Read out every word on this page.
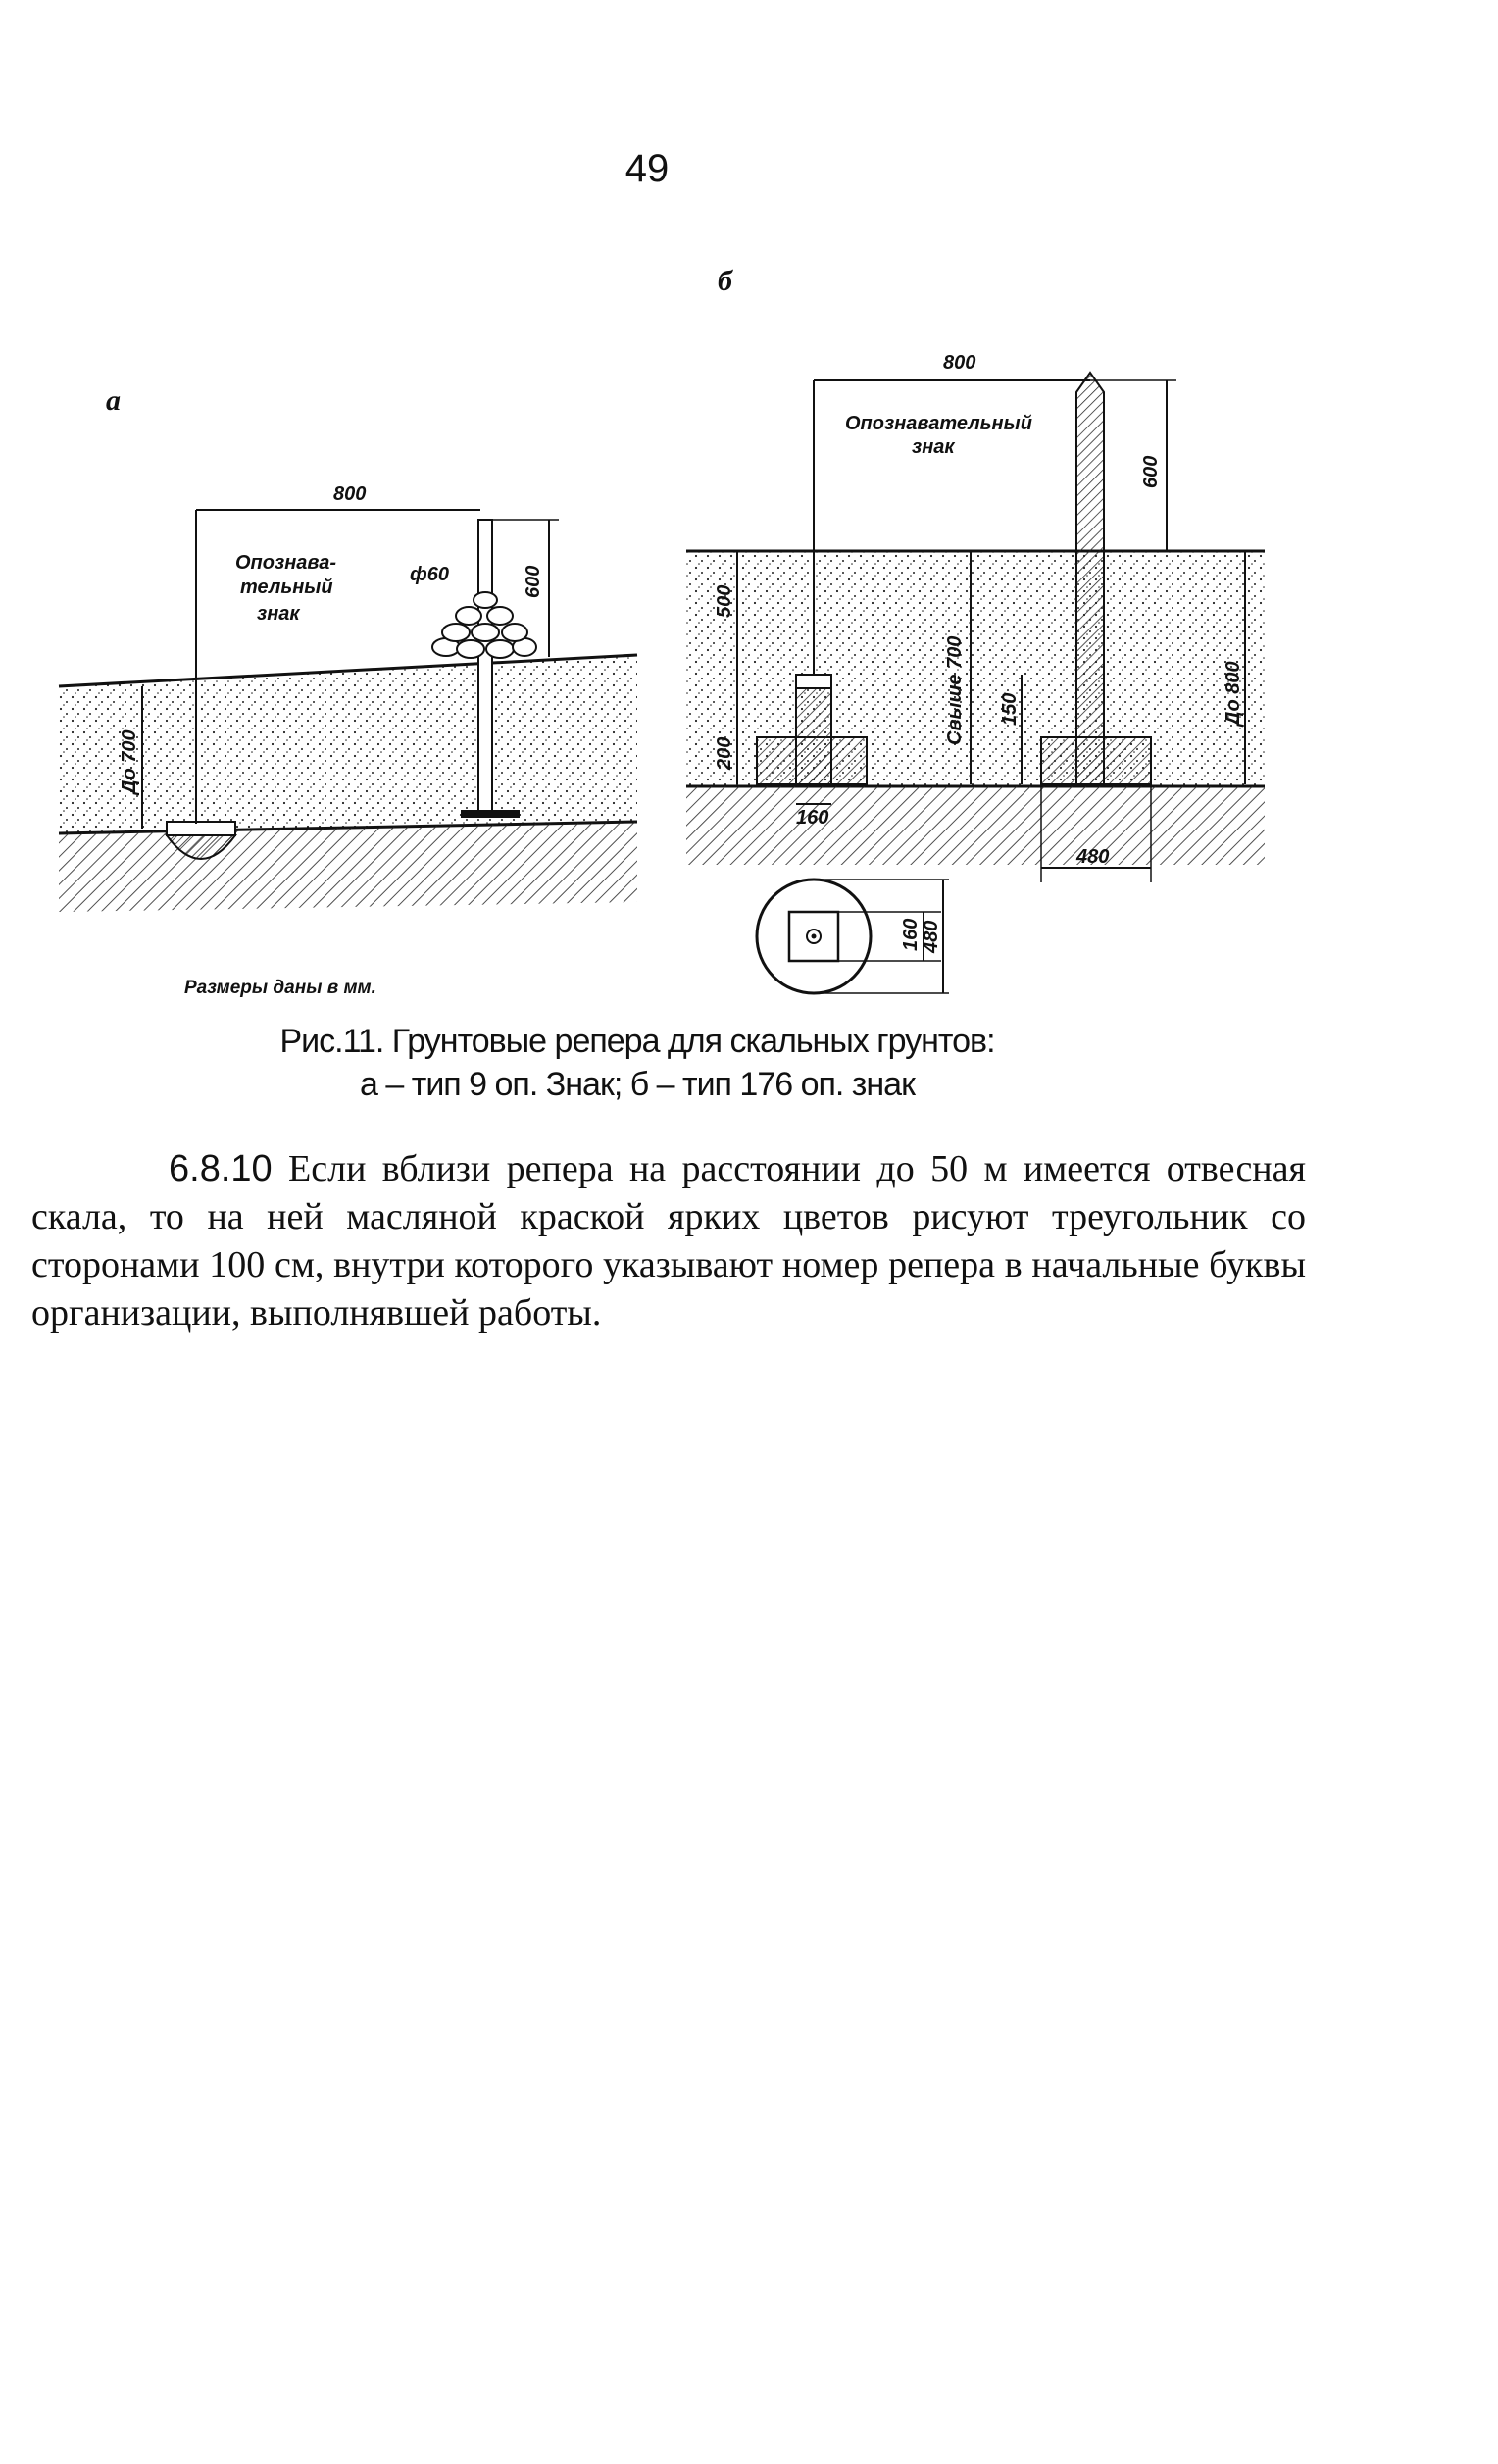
49
а
800
600
До 700
Опознава-
тельный
знак
ф60
Размеры даны в мм.
б
800
600
До 800
500
200
Свыше 700 150
160
480
Опознавательный
знак
160 480
Рис.11. Грунтовые репера для скальных грунтов:
а – тип 9 оп. Знак; б – тип 176 оп. знак

6.8.10 Если вблизи репера на расстоянии до 50 м имеется отвесная скала, то на ней масляной краской ярких цветов рисуют треугольник со сторонами 100 см, внутри которого указывают номер репера в начальные буквы организации, выполнявшей работы.
